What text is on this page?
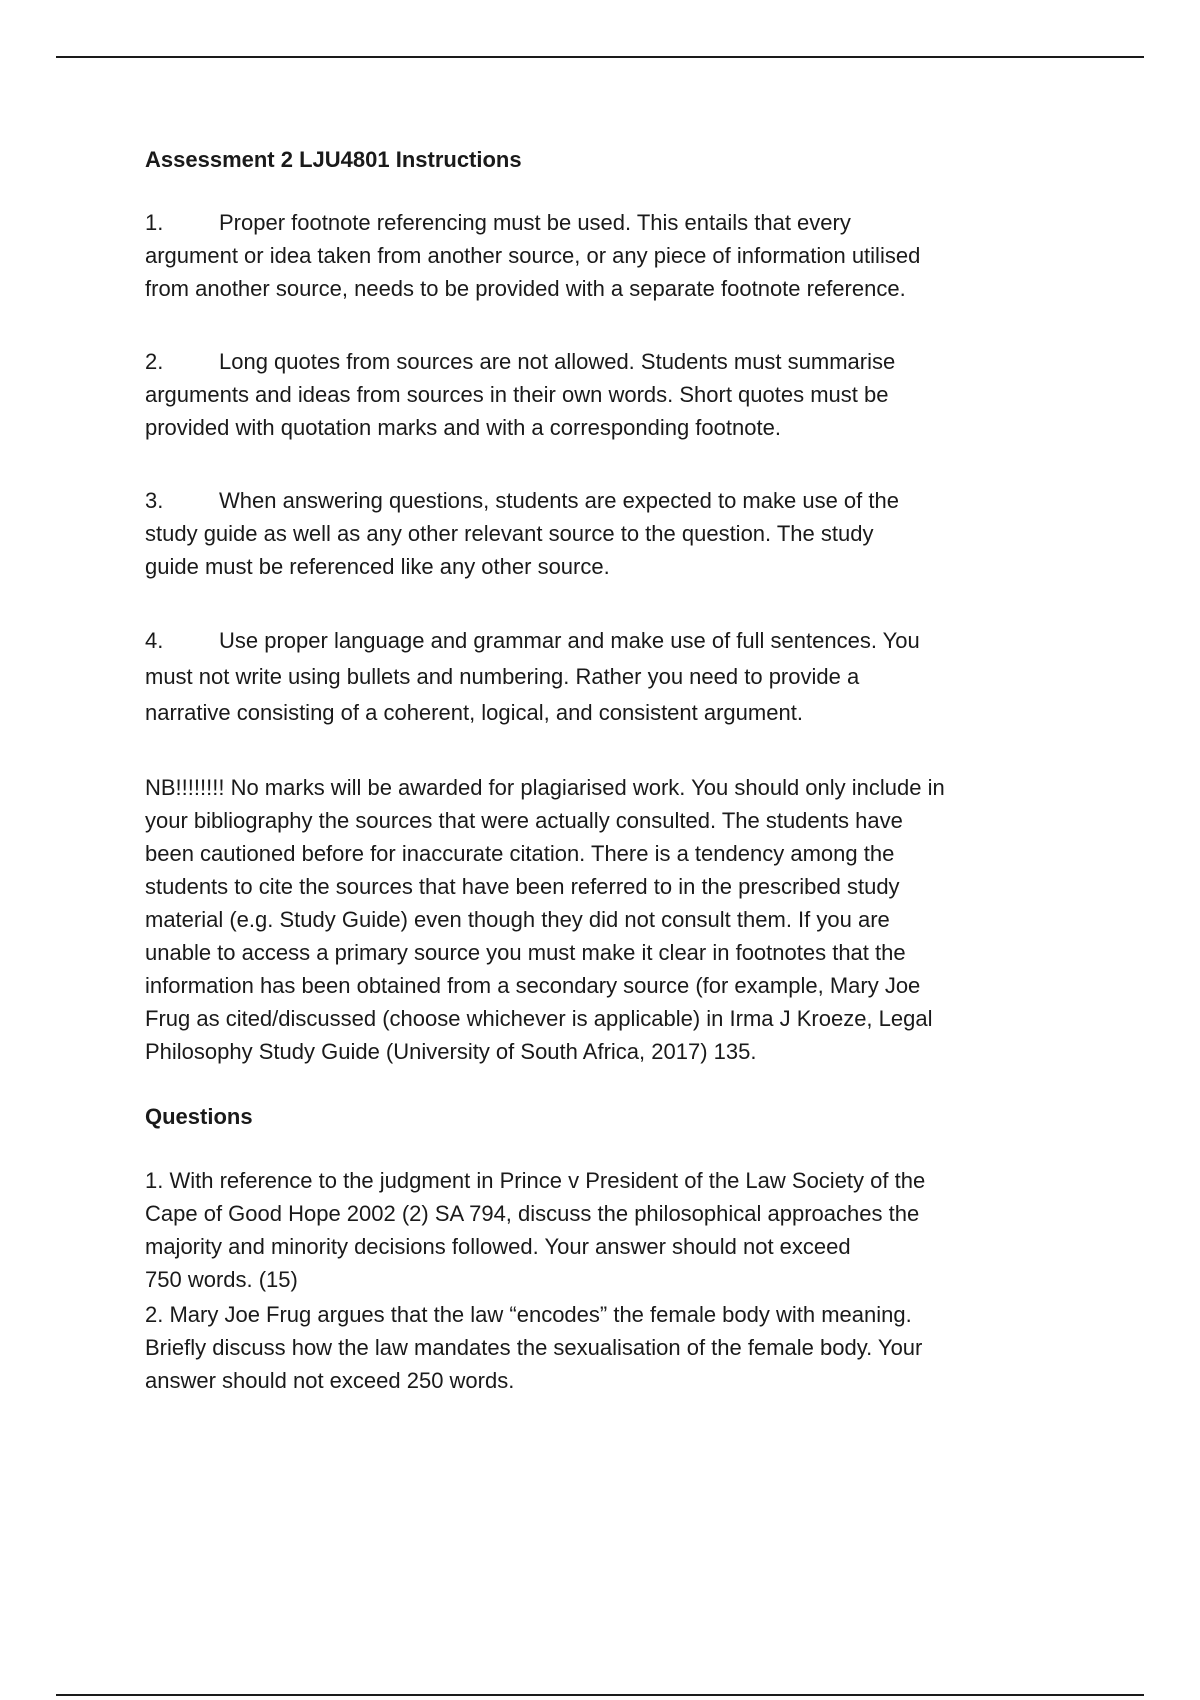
Assessment 2 LJU4801 Instructions
1.	Proper footnote referencing must be used. This entails that every
argument or idea taken from another source, or any piece of information utilised
from another source, needs to be provided with a separate footnote reference.
2.	Long quotes from sources are not allowed. Students must summarise
arguments and ideas from sources in their own words. Short quotes must be
provided with quotation marks and with a corresponding footnote.
3.	When answering questions, students are expected to make use of the
study guide as well as any other relevant source to the question. The study
guide must be referenced like any other source.
4.	Use proper language and grammar and make use of full sentences. You
must not write using bullets and numbering. Rather you need to provide a
narrative consisting of a coherent, logical, and consistent argument.
NB!!!!!!!! No marks will be awarded for plagiarised work. You should only include in
your bibliography the sources that were actually consulted. The students have
been cautioned before for inaccurate citation. There is a tendency among the
students to cite the sources that have been referred to in the prescribed study
material (e.g. Study Guide) even though they did not consult them. If you are
unable to access a primary source you must make it clear in footnotes that the
information has been obtained from a secondary source (for example, Mary Joe
Frug as cited/discussed (choose whichever is applicable) in Irma J Kroeze, Legal
Philosophy Study Guide (University of South Africa, 2017) 135.
Questions
1. With reference to the judgment in Prince v President of the Law Society of the
Cape of Good Hope 2002 (2) SA 794, discuss the philosophical approaches the
majority and minority decisions followed. Your answer should not exceed
750 words. (15)
2. Mary Joe Frug argues that the law “encodes” the female body with meaning.
Briefly discuss how the law mandates the sexualisation of the female body. Your
answer should not exceed 250 words.
